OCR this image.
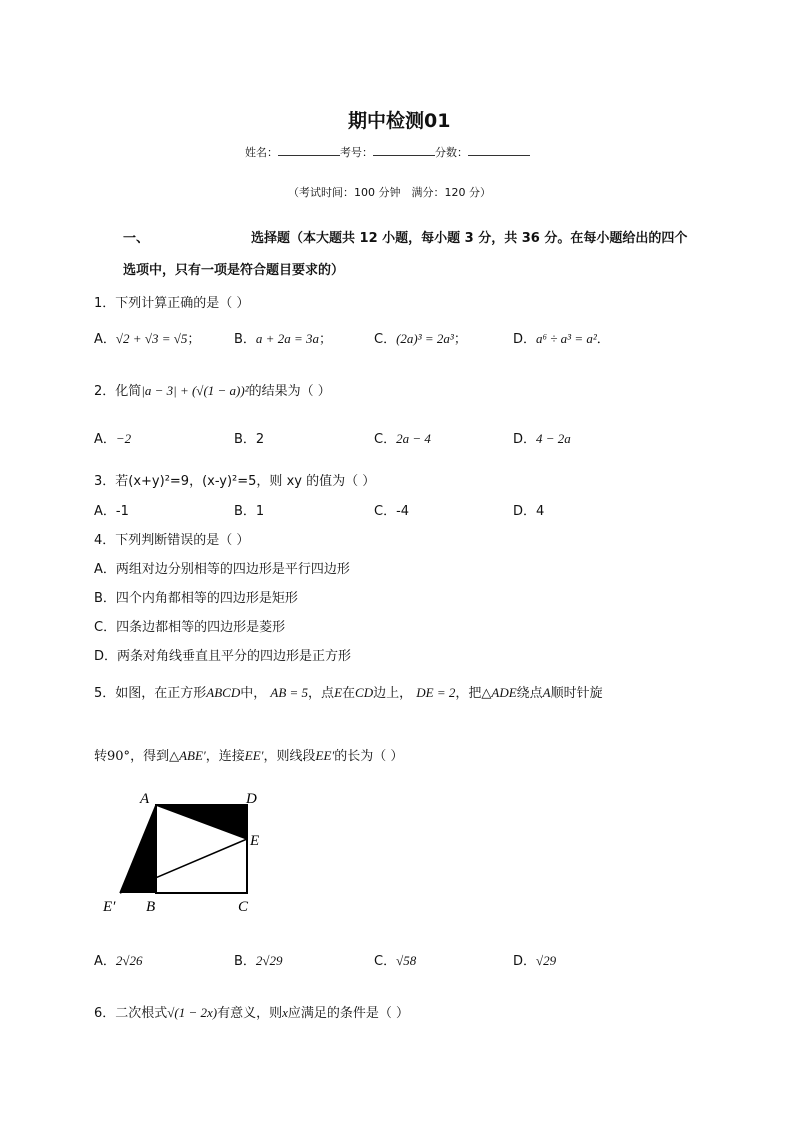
期中检测01
姓名：	考号：	分数：
（考试时间：100 分钟　满分：120 分）
一、	选择题（本大题共 12 小题，每小题 3 分，共 36 分。在每小题给出的四个
选项中，只有一项是符合题目要求的）
1．下列计算正确的是（ ）
A．√2 + √3 = √5；	B．a + 2a = 3a；	C．(2a)³ = 2a³；	D．a⁶ ÷ a³ = a²．
2．化简|a − 3| + (√(1 − a))²的结果为（ ）
A．−2	B．2	C．2a − 4	D．4 − 2a
3．若(x+y)²=9，(x-y)²=5，则 xy 的值为（ ）
A．-1	B．1	C．-4	D．4
4．下列判断错误的是（ ）
A．两组对边分别相等的四边形是平行四边形
B．四个内角都相等的四边形是矩形
C．四条边都相等的四边形是菱形
D．两条对角线垂直且平分的四边形是正方形
5．如图，在正方形ABCD中， AB = 5，点E在CD边上， DE = 2，把△ADE绕点A顺时针旋
转90°，得到△ABE′，连接EE′，则线段EE′的长为（ ）
A	D
E
E′ B	C
A．2√26	B．2√29	C．√58	D．√29
6．二次根式√(1 − 2x)有意义，则x应满足的条件是（ ）
